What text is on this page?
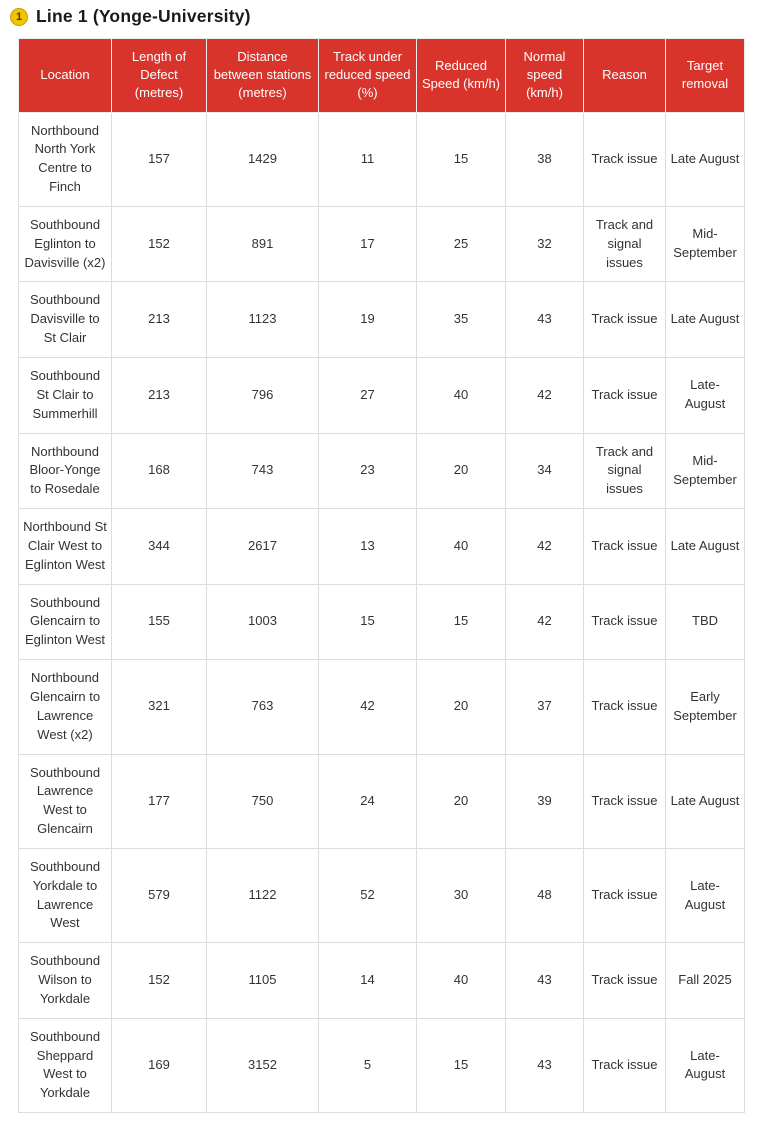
1 Line 1 (Yonge-University)
Location	Length of Defect (metres)	Distance between stations (metres)	Track under reduced speed (%)	Reduced Speed (km/h)	Normal speed (km/h)	Reason	Target removal
Northbound North York Centre to Finch	157	1429	11	15	38	Track issue	Late August
Southbound Eglinton to Davisville (x2)	152	891	17	25	32	Track and signal issues	Mid-September
Southbound Davisville to St Clair	213	1123	19	35	43	Track issue	Late August
Southbound St Clair to Summerhill	213	796	27	40	42	Track issue	Late-August
Northbound Bloor-Yonge to Rosedale	168	743	23	20	34	Track and signal issues	Mid-September
Northbound St Clair West to Eglinton West	344	2617	13	40	42	Track issue	Late August
Southbound Glencairn to Eglinton West	155	1003	15	15	42	Track issue	TBD
Northbound Glencairn to Lawrence West (x2)	321	763	42	20	37	Track issue	Early September
Southbound Lawrence West to Glencairn	177	750	24	20	39	Track issue	Late August
Southbound Yorkdale to Lawrence West	579	1122	52	30	48	Track issue	Late-August
Southbound Wilson to Yorkdale	152	1105	14	40	43	Track issue	Fall 2025
Southbound Sheppard West to Yorkdale	169	3152	5	15	43	Track issue	Late-August
